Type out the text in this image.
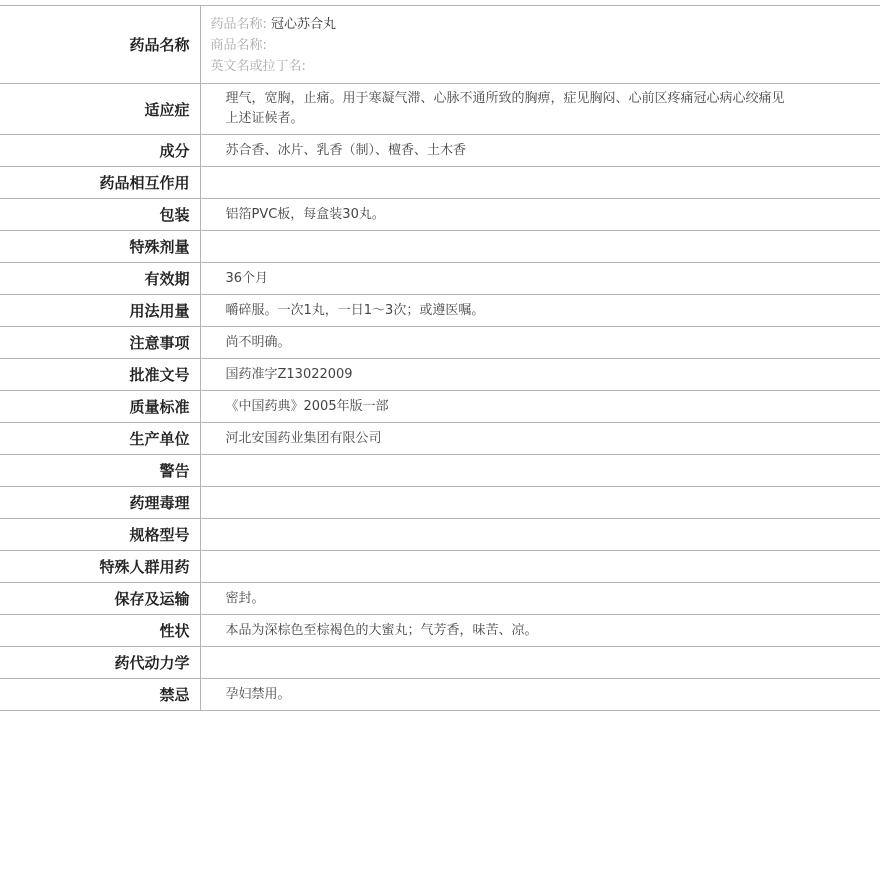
药品名称	药品名称: 冠心苏合丸
商品名称:
英文名或拉丁名:

适应症	理气，宽胸，止痛。用于寒凝气滞、心脉不通所致的胸痹，症见胸闷、心前区疼痛冠心病心绞痛见上述证候者。
成分	苏合香、冰片、乳香（制）、檀香、土木香
药品相互作用	
包装	铝箔PVC板，每盒装30丸。
特殊剂量	
有效期	36个月
用法用量	嚼碎服。一次1丸，一日1～3次；或遵医嘱。
注意事项	尚不明确。
批准文号	国药准字Z13022009
质量标准	《中国药典》2005年版一部
生产单位	河北安国药业集团有限公司
警告	
药理毒理	
规格型号	
特殊人群用药	
保存及运输	密封。
性状	本品为深棕色至棕褐色的大蜜丸；气芳香，味苦、凉。
药代动力学	
禁忌	孕妇禁用。
